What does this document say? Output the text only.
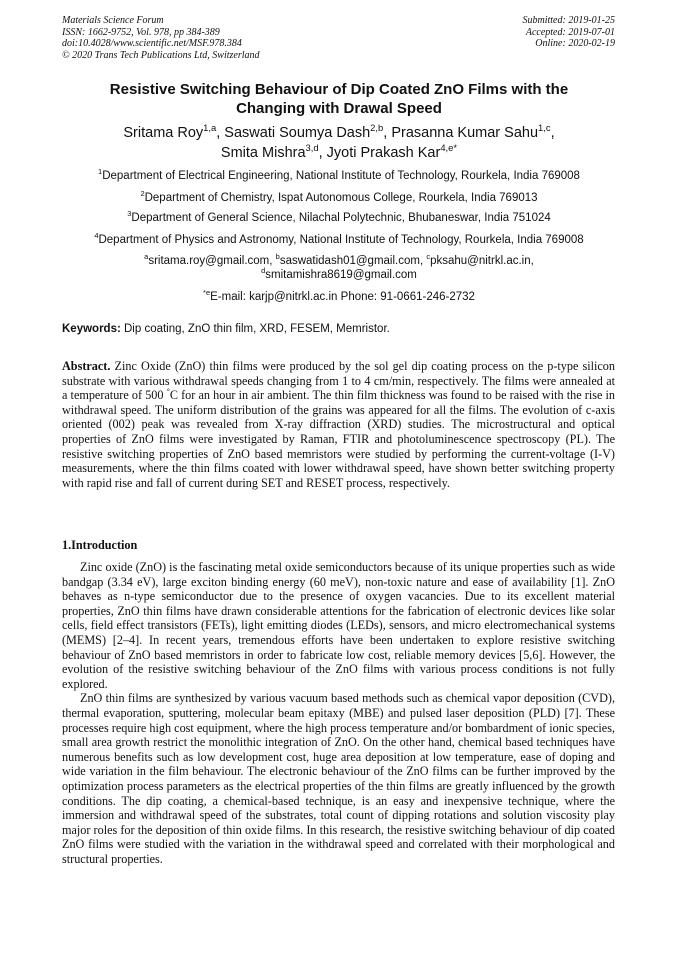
Materials Science Forum
ISSN: 1662-9752, Vol. 978, pp 384-389
doi:10.4028/www.scientific.net/MSF.978.384
© 2020 Trans Tech Publications Ltd, Switzerland
Submitted: 2019-01-25
Accepted: 2019-07-01
Online: 2020-02-19
Resistive Switching Behaviour of Dip Coated ZnO Films with the
Changing with Drawal Speed
Sritama Roy$^{1,a}$, Saswati Soumya Dash$^{2,b}$, Prasanna Kumar Sahu$^{1,c}$,
Smita Mishra$^{3,d}$, Jyoti Prakash Kar$^{4,e*}$
$^1$Department of Electrical Engineering, National Institute of Technology, Rourkela, India 769008
$^2$Department of Chemistry, Ispat Autonomous College, Rourkela, India 769013
$^3$Department of General Science, Nilachal Polytechnic, Bhubaneswar, India 751024
$^4$Department of Physics and Astronomy, National Institute of Technology, Rourkela, India 769008
$^a$sritama.roy@gmail.com, $^b$saswatidash01@gmail.com, $^c$pksahu@nitrkl.ac.in,
$^d$smitamishra8619@gmail.com
$^{*e}$E-mail: karjp@nitrkl.ac.in Phone: 91-0661-246-2732
Keywords: Dip coating, ZnO thin film, XRD, FESEM, Memristor.
Abstract. Zinc Oxide (ZnO) thin films were produced by the sol gel dip coating process on the p-type silicon substrate with various withdrawal speeds changing from 1 to 4 cm/min, respectively. The films were annealed at a temperature of 500 °C for an hour in air ambient. The thin film thickness was found to be raised with the rise in withdrawal speed. The uniform distribution of the grains was appeared for all the films. The evolution of c-axis oriented (002) peak was revealed from X-ray diffraction (XRD) studies. The microstructural and optical properties of ZnO films were investigated by Raman, FTIR and photoluminescence spectroscopy (PL). The resistive switching properties of ZnO based memristors were studied by performing the current-voltage (I-V) measurements, where the thin films coated with lower withdrawal speed, have shown better switching property with rapid rise and fall of current during SET and RESET process, respectively.
1.Introduction

Zinc oxide (ZnO) is the fascinating metal oxide semiconductors because of its unique properties such as wide bandgap (3.34 eV), large exciton binding energy (60 meV), non-toxic nature and ease of availability [1]. ZnO behaves as n-type semiconductor due to the presence of oxygen vacancies. Due to its excellent material properties, ZnO thin films have drawn considerable attentions for the fabrication of electronic devices like solar cells, field effect transistors (FETs), light emitting diodes (LEDs), sensors, and micro electromechanical systems (MEMS) [2–4]. In recent years, tremendous efforts have been undertaken to explore resistive switching behaviour of ZnO based memristors in order to fabricate low cost, reliable memory devices [5,6]. However, the evolution of the resistive switching behaviour of the ZnO films with various process conditions is not fully explored.

ZnO thin films are synthesized by various vacuum based methods such as chemical vapor deposition (CVD), thermal evaporation, sputtering, molecular beam epitaxy (MBE) and pulsed laser deposition (PLD) [7]. These processes require high cost equipment, where the high process temperature and/or bombardment of ionic species, small area growth restrict the monolithic integration of ZnO. On the other hand, chemical based techniques have numerous benefits such as low development cost, huge area deposition at low temperature, ease of doping and wide variation in the film behaviour. The electronic behaviour of the ZnO films can be further improved by the optimization process parameters as the electrical properties of the thin films are greatly influenced by the growth conditions. The dip coating, a chemical-based technique, is an easy and inexpensive technique, where the immersion and withdrawal speed of the substrates, total count of dipping rotations and solution viscosity play major roles for the deposition of thin oxide films. In this research, the resistive switching behaviour of dip coated ZnO films were studied with the variation in the withdrawal speed and correlated with their morphological and structural properties.
